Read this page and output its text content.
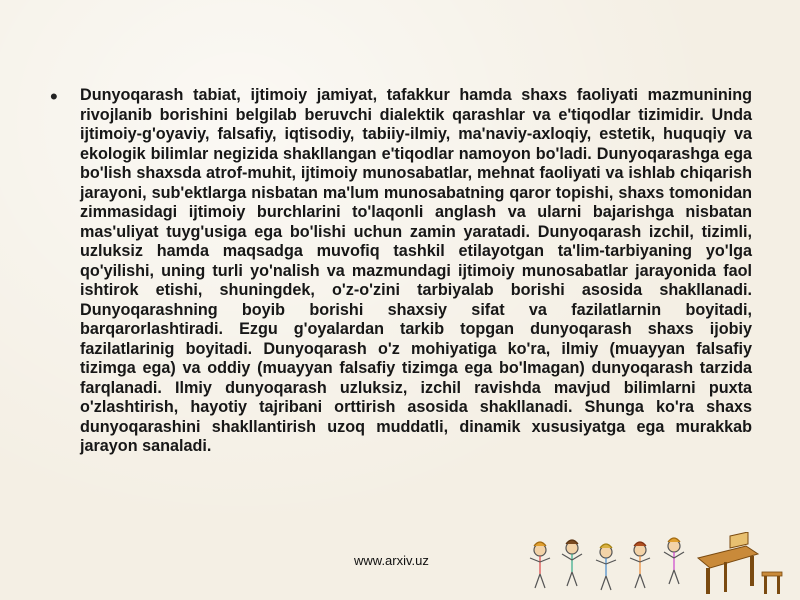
•	Dunyoqarash tabiat, ijtimoiy jamiyat, tafakkur hamda shaxs faoliyati mazmunining rivojlanib borishini belgilab beruvchi dialektik qarashlar va e'tiqodlar tizimidir. Unda ijtimoiy-g'oyaviy, falsafiy, iqtisodiy, tabiiy-ilmiy, ma'naviy-axloqiy, estetik, huquqiy va ekologik bilimlar negizida shakllangan e'tiqodlar namoyon bo'ladi. Dunyoqarashga ega bo'lish shaxsda atrof-muhit, ijtimoiy munosabatlar, mehnat faoliyati va ishlab chiqarish jarayoni, sub'ektlarga nisbatan ma'lum munosabatning qaror topishi, shaxs tomonidan zimmasidagi ijtimoiy burchlarini to'laqonli anglash va ularni bajarishga nisbatan mas'uliyat tuyg'usiga ega bo'lishi uchun zamin yaratadi. Dunyoqarash izchil, tizimli, uzluksiz hamda maqsadga muvofiq tashkil etilayotgan ta'lim-tarbiyaning yo'lga qo'yilishi, uning turli yo'nalish va mazmundagi ijtimoiy munosabatlar jarayonida faol ishtirok etishi, shuningdek, o'z-o'zini tarbiyalab borishi asosida shakllanadi. Dunyoqarashning boyib borishi shaxsiy sifat va fazilatlarnin boyitadi, barqarorlashtiradi. Ezgu g'oyalardan tarkib topgan dunyoqarash shaxs ijobiy fazilatlarinig boyitadi. Dunyoqarash o'z mohiyatiga ko'ra, ilmiy (muayyan falsafiy tizimga ega) va oddiy (muayyan falsafiy tizimga ega bo'lmagan) dunyoqarash tarzida farqlanadi. Ilmiy dunyoqarash uzluksiz, izchil ravishda mavjud bilimlarni puxta o'zlashtirish, hayotiy tajribani orttirish asosida shakllanadi. Shunga ko'ra shaxs dunyoqarashini shakllantirish uzoq muddatli, dinamik xususiyatga ega murakkab jarayon sanaladi.

www.arxiv.uz
